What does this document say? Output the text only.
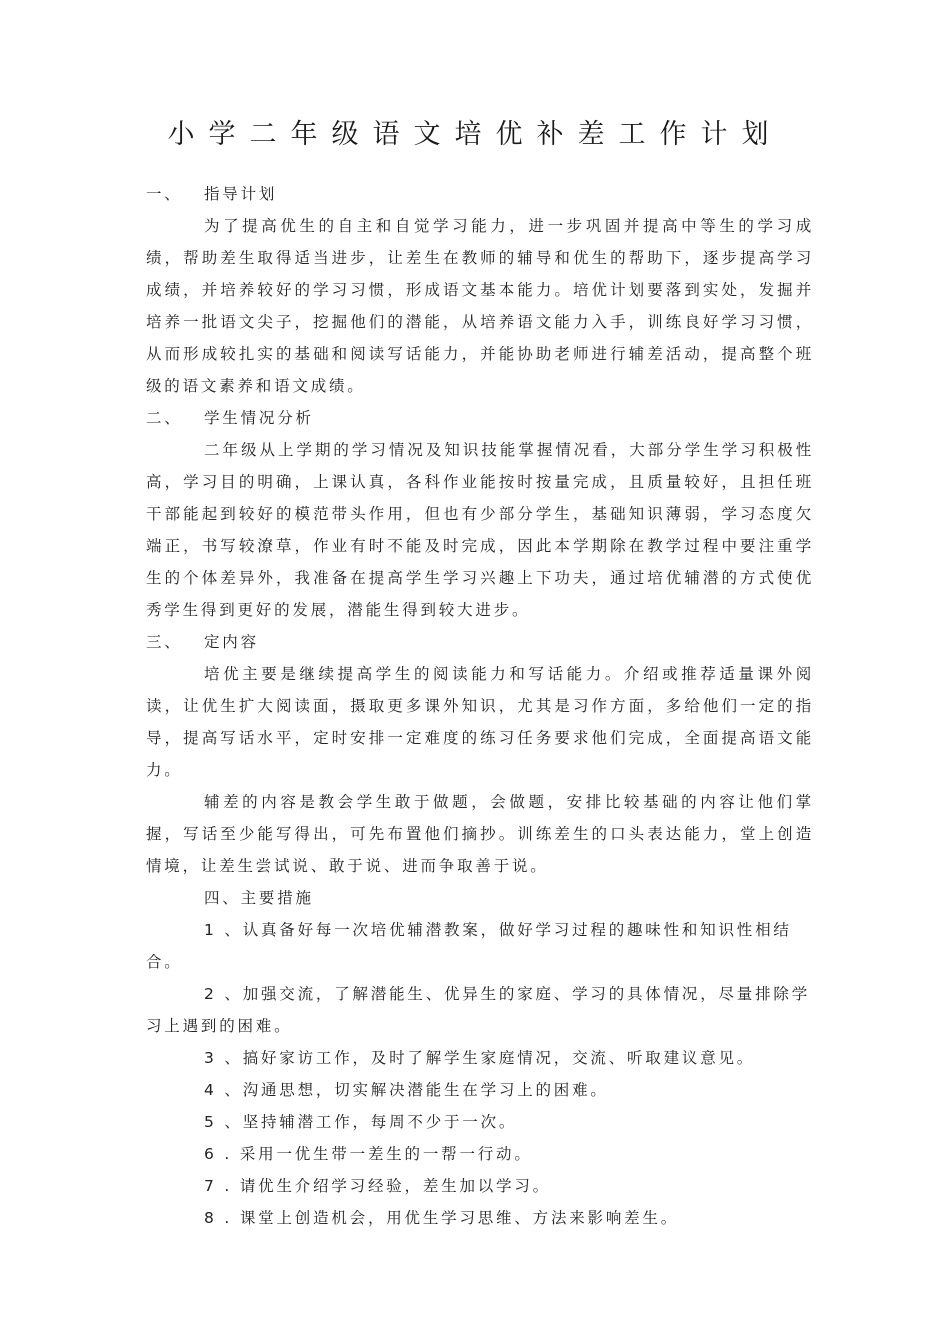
小学二年级语文培优补差工作计划

一、 指导计划

为了提高优生的自主和自觉学习能力，进一步巩固并提高中等生的学习成绩，帮助差生取得适当进步，让差生在教师的辅导和优生的帮助下，逐步提高学习成绩，并培养较好的学习习惯，形成语文基本能力。培优计划要落到实处，发掘并培养一批语文尖子，挖掘他们的潜能，从培养语文能力入手，训练良好学习习惯，从而形成较扎实的基础和阅读写话能力，并能协助老师进行辅差活动，提高整个班级的语文素养和语文成绩。

二、 学生情况分析

二年级从上学期的学习情况及知识技能掌握情况看，大部分学生学习积极性高，学习目的明确，上课认真，各科作业能按时按量完成，且质量较好，且担任班干部能起到较好的模范带头作用，但也有少部分学生，基础知识薄弱，学习态度欠端正，书写较潦草，作业有时不能及时完成，因此本学期除在教学过程中要注重学生的个体差异外，我准备在提高学生学习兴趣上下功夫，通过培优辅潜的方式使优秀学生得到更好的发展，潜能生得到较大进步。

三、 定内容

培优主要是继续提高学生的阅读能力和写话能力。介绍或推荐适量课外阅读，让优生扩大阅读面，摄取更多课外知识，尤其是习作方面，多给他们一定的指导，提高写话水平，定时安排一定难度的练习任务要求他们完成，全面提高语文能力。

辅差的内容是教会学生敢于做题，会做题，安排比较基础的内容让他们掌握，写话至少能写得出，可先布置他们摘抄。训练差生的口头表达能力，堂上创造情境，让差生尝试说、敢于说、进而争取善于说。

四、主要措施

1 、认真备好每一次培优辅潜教案，做好学习过程的趣味性和知识性相结合。

2 、加强交流，了解潜能生、优异生的家庭、学习的具体情况，尽量排除学习上遇到的困难。

3 、搞好家访工作，及时了解学生家庭情况，交流、听取建议意见。

4 、沟通思想，切实解决潜能生在学习上的困难。

5 、坚持辅潜工作，每周不少于一次。

6 . 采用一优生带一差生的一帮一行动。

7 . 请优生介绍学习经验，差生加以学习。

8 . 课堂上创造机会，用优生学习思维、方法来影响差生。
